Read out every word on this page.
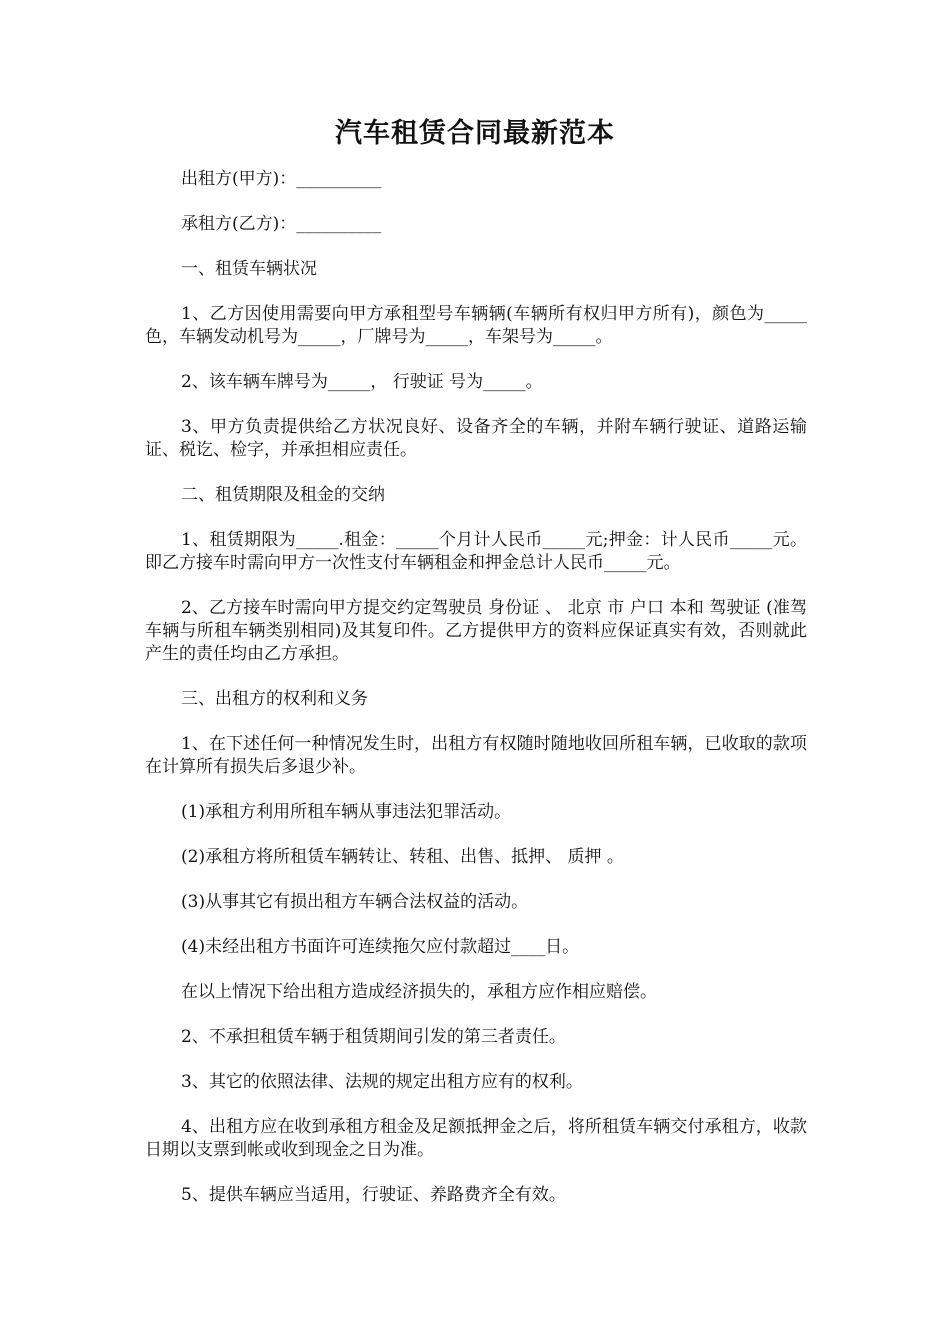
汽车租赁合同最新范本

出租方(甲方)：__________

承租方(乙方)：__________

一、租赁车辆状况

1、乙方因使用需要向甲方承租型号车辆辆(车辆所有权归甲方所有)，颜色为_____色，车辆发动机号为_____，厂牌号为_____，车架号为_____。

2、该车辆车牌号为_____， 行驶证 号为_____。

3、甲方负责提供给乙方状况良好、设备齐全的车辆，并附车辆行驶证、道路运输证、税讫、检字，并承担相应责任。

二、租赁期限及租金的交纳

1、租赁期限为_____.租金：_____个月计人民币_____元;押金：计人民币_____元。即乙方接车时需向甲方一次性支付车辆租金和押金总计人民币_____元。

2、乙方接车时需向甲方提交约定驾驶员 身份证 、 北京 市 户口 本和 驾驶证 (准驾车辆与所租车辆类别相同)及其复印件。乙方提供甲方的资料应保证真实有效，否则就此产生的责任均由乙方承担。

三、出租方的权利和义务

1、在下述任何一种情况发生时，出租方有权随时随地收回所租车辆，已收取的款项在计算所有损失后多退少补。

(1)承租方利用所租车辆从事违法犯罪活动。

(2)承租方将所租赁车辆转让、转租、出售、抵押、 质押 。

(3)从事其它有损出租方车辆合法权益的活动。

(4)未经出租方书面许可连续拖欠应付款超过____日。

在以上情况下给出租方造成经济损失的，承租方应作相应赔偿。

2、不承担租赁车辆于租赁期间引发的第三者责任。

3、其它的依照法律、法规的规定出租方应有的权利。

4、出租方应在收到承租方租金及足额抵押金之后，将所租赁车辆交付承租方，收款日期以支票到帐或收到现金之日为准。

5、提供车辆应当适用，行驶证、养路费齐全有效。
